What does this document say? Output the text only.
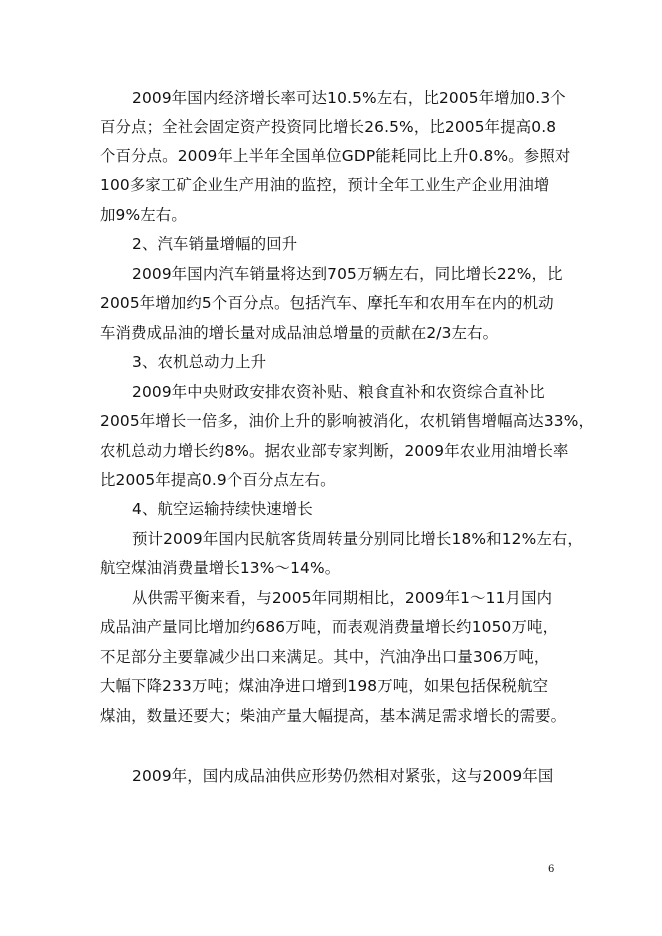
2009年国内经济增长率可达10.5%左右，比2005年增加0.3个
百分点；全社会固定资产投资同比增长26.5%，比2005年提高0.8
个百分点。2009年上半年全国单位GDP能耗同比上升0.8%。参照对
100多家工矿企业生产用油的监控，预计全年工业生产企业用油增
加9%左右。
2、汽车销量增幅的回升
2009年国内汽车销量将达到705万辆左右，同比增长22%，比
2005年增加约5个百分点。包括汽车、摩托车和农用车在内的机动
车消费成品油的增长量对成品油总增量的贡献在2/3左右。
3、农机总动力上升
2009年中央财政安排农资补贴、粮食直补和农资综合直补比
2005年增长一倍多，油价上升的影响被消化，农机销售增幅高达33%，
农机总动力增长约8%。据农业部专家判断，2009年农业用油增长率
比2005年提高0.9个百分点左右。
4、航空运输持续快速增长
预计2009年国内民航客货周转量分别同比增长18%和12%左右，
航空煤油消费量增长13%～14%。
从供需平衡来看，与2005年同期相比，2009年1～11月国内
成品油产量同比增加约686万吨，而表观消费量增长约1050万吨，
不足部分主要靠减少出口来满足。其中，汽油净出口量306万吨，
大幅下降233万吨；煤油净进口增到198万吨，如果包括保税航空
煤油，数量还要大；柴油产量大幅提高，基本满足需求增长的需要。
2009年，国内成品油供应形势仍然相对紧张，这与2009年国
6
